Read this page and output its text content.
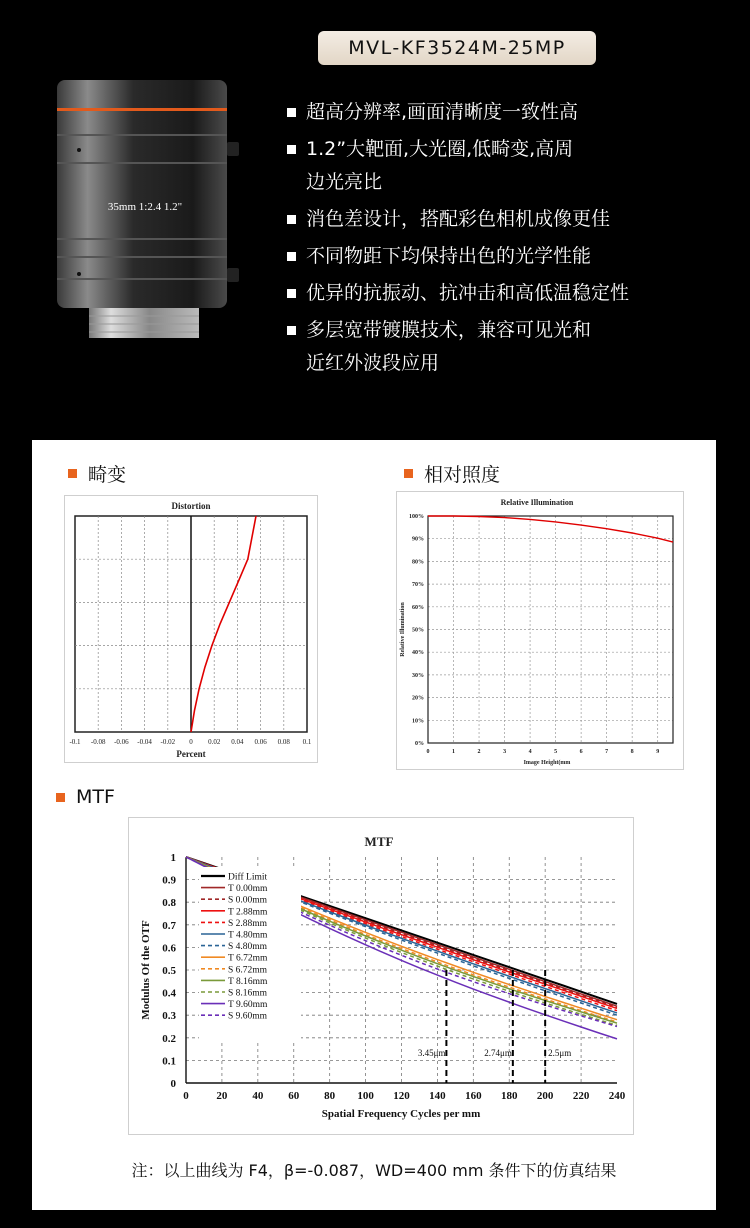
MVL-KF3524M-25MP
35mm 1:2.4 1.2"
超高分辨率,画面清晰度一致性高
1.2”大靶面,大光圈,低畸变,高周
边光亮比
消色差设计，搭配彩色相机成像更佳
不同物距下均保持出色的光学性能
优异的抗振动、抗冲击和高低温稳定性
多层宽带镀膜技术，兼容可见光和
近红外波段应用
畸变	相对照度
MTF
Distortion
-0.1 -0.08 -0.06 -0.04 -0.02 0 0.02 0.04 0.06 0.08 0.1
Percent
Relative Illumination
0%
10%
20%
30%
40%
50%
60%
70%
80%
90%
100%
0	1	2	3	4	5	6	7	8	9
Image Height(mm
Relative Illumination
MTF
0
0.1
0.2
0.3
0.4
0.5
0.6
0.7
0.8
0.9
1
0	20 40 60 80 100 120 140 160 180 200 220 240
3.45μm	2.74μm	2.5μm
Diff Limit
T 0.00mm
S 0.00mm
T 2.88mm
S 2.88mm
T 4.80mm
S 4.80mm
T 6.72mm
S 6.72mm
T 8.16mm
S 8.16mm
T 9.60mm
S 9.60mm
Spatial Frequency Cycles per mm
Modulus Of the OTF
注：以上曲线为 F4，β=-0.087，WD=400 mm 条件下的仿真结果
